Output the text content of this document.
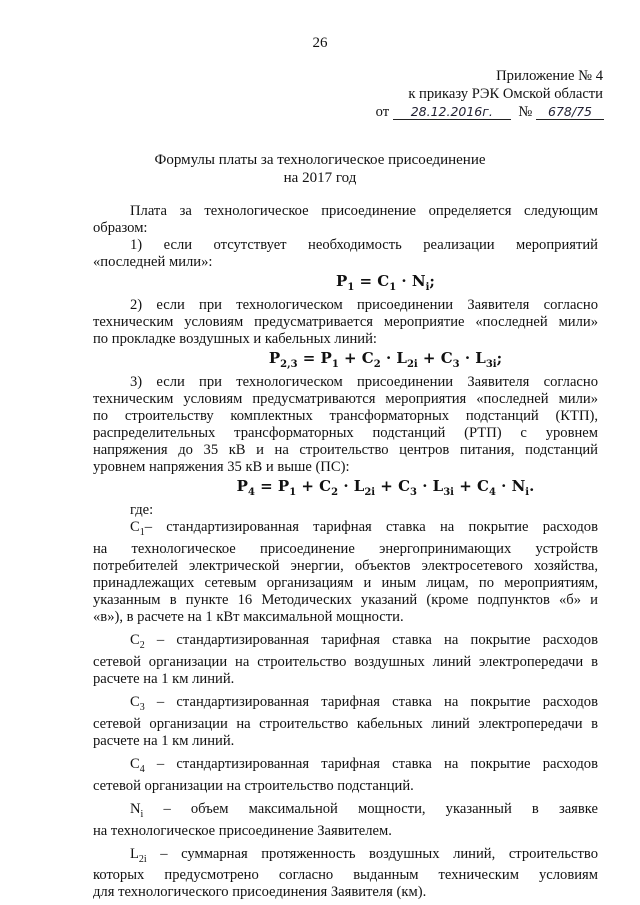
26
Приложение № 4
к приказу РЭК Омской области
от 28.12.2016г. № 678/75
Формулы платы за технологическое присоединение
на 2017 год

Плата за технологическое присоединение определяется следующим

образом:

1) если отсутствует необходимость реализации мероприятий

«последней мили»:

$P_1 = C_1 \cdot N_i$;

2) если при технологическом присоединении Заявителя согласно

техническим условиям предусматривается мероприятие «последней мили»

по прокладке воздушных и кабельных линий:

$P_{2,3} = P_1 + C_2 \cdot L_{2i} + C_3 \cdot L_{3i}$;

3) если при технологическом присоединении Заявителя согласно

техническим условиям предусматриваются мероприятия «последней мили»

по строительству комплектных трансформаторных подстанций (КТП),

распределительных трансформаторных подстанций (РТП) с уровнем

напряжения до 35 кВ и на строительство центров питания, подстанций

уровнем напряжения 35 кВ и выше (ПС):

$P_4 = P_1 + C_2 \cdot L_{2i} + C_3 \cdot L_{3i} + C_4 \cdot N_i$.

где:

$C_1-$ стандартизированная тарифная ставка на покрытие расходов

на технологическое присоединение энергопринимающих устройств

потребителей электрической энергии, объектов электросетевого хозяйства,

принадлежащих сетевым организациям и иным лицам, по мероприятиям,

указанным в пункте 16 Методических указаний (кроме подпунктов «б» и

«в»), в расчете на 1 кВт максимальной мощности.

$C_2$ – стандартизированная тарифная ставка на покрытие расходов

сетевой организации на строительство воздушных линий электропередачи в

расчете на 1 км линий.

$C_3$ – стандартизированная тарифная ставка на покрытие расходов

сетевой организации на строительство кабельных линий электропередачи в

расчете на 1 км линий.

$C_4$ – стандартизированная тарифная ставка на покрытие расходов

сетевой организации на строительство подстанций.

$N_i$ – объем максимальной мощности, указанный в заявке

на технологическое присоединение Заявителем.

$L_{2i}$ – суммарная протяженность воздушных линий, строительство

которых предусмотрено согласно выданным техническим условиям

для технологического присоединения Заявителя (км).
